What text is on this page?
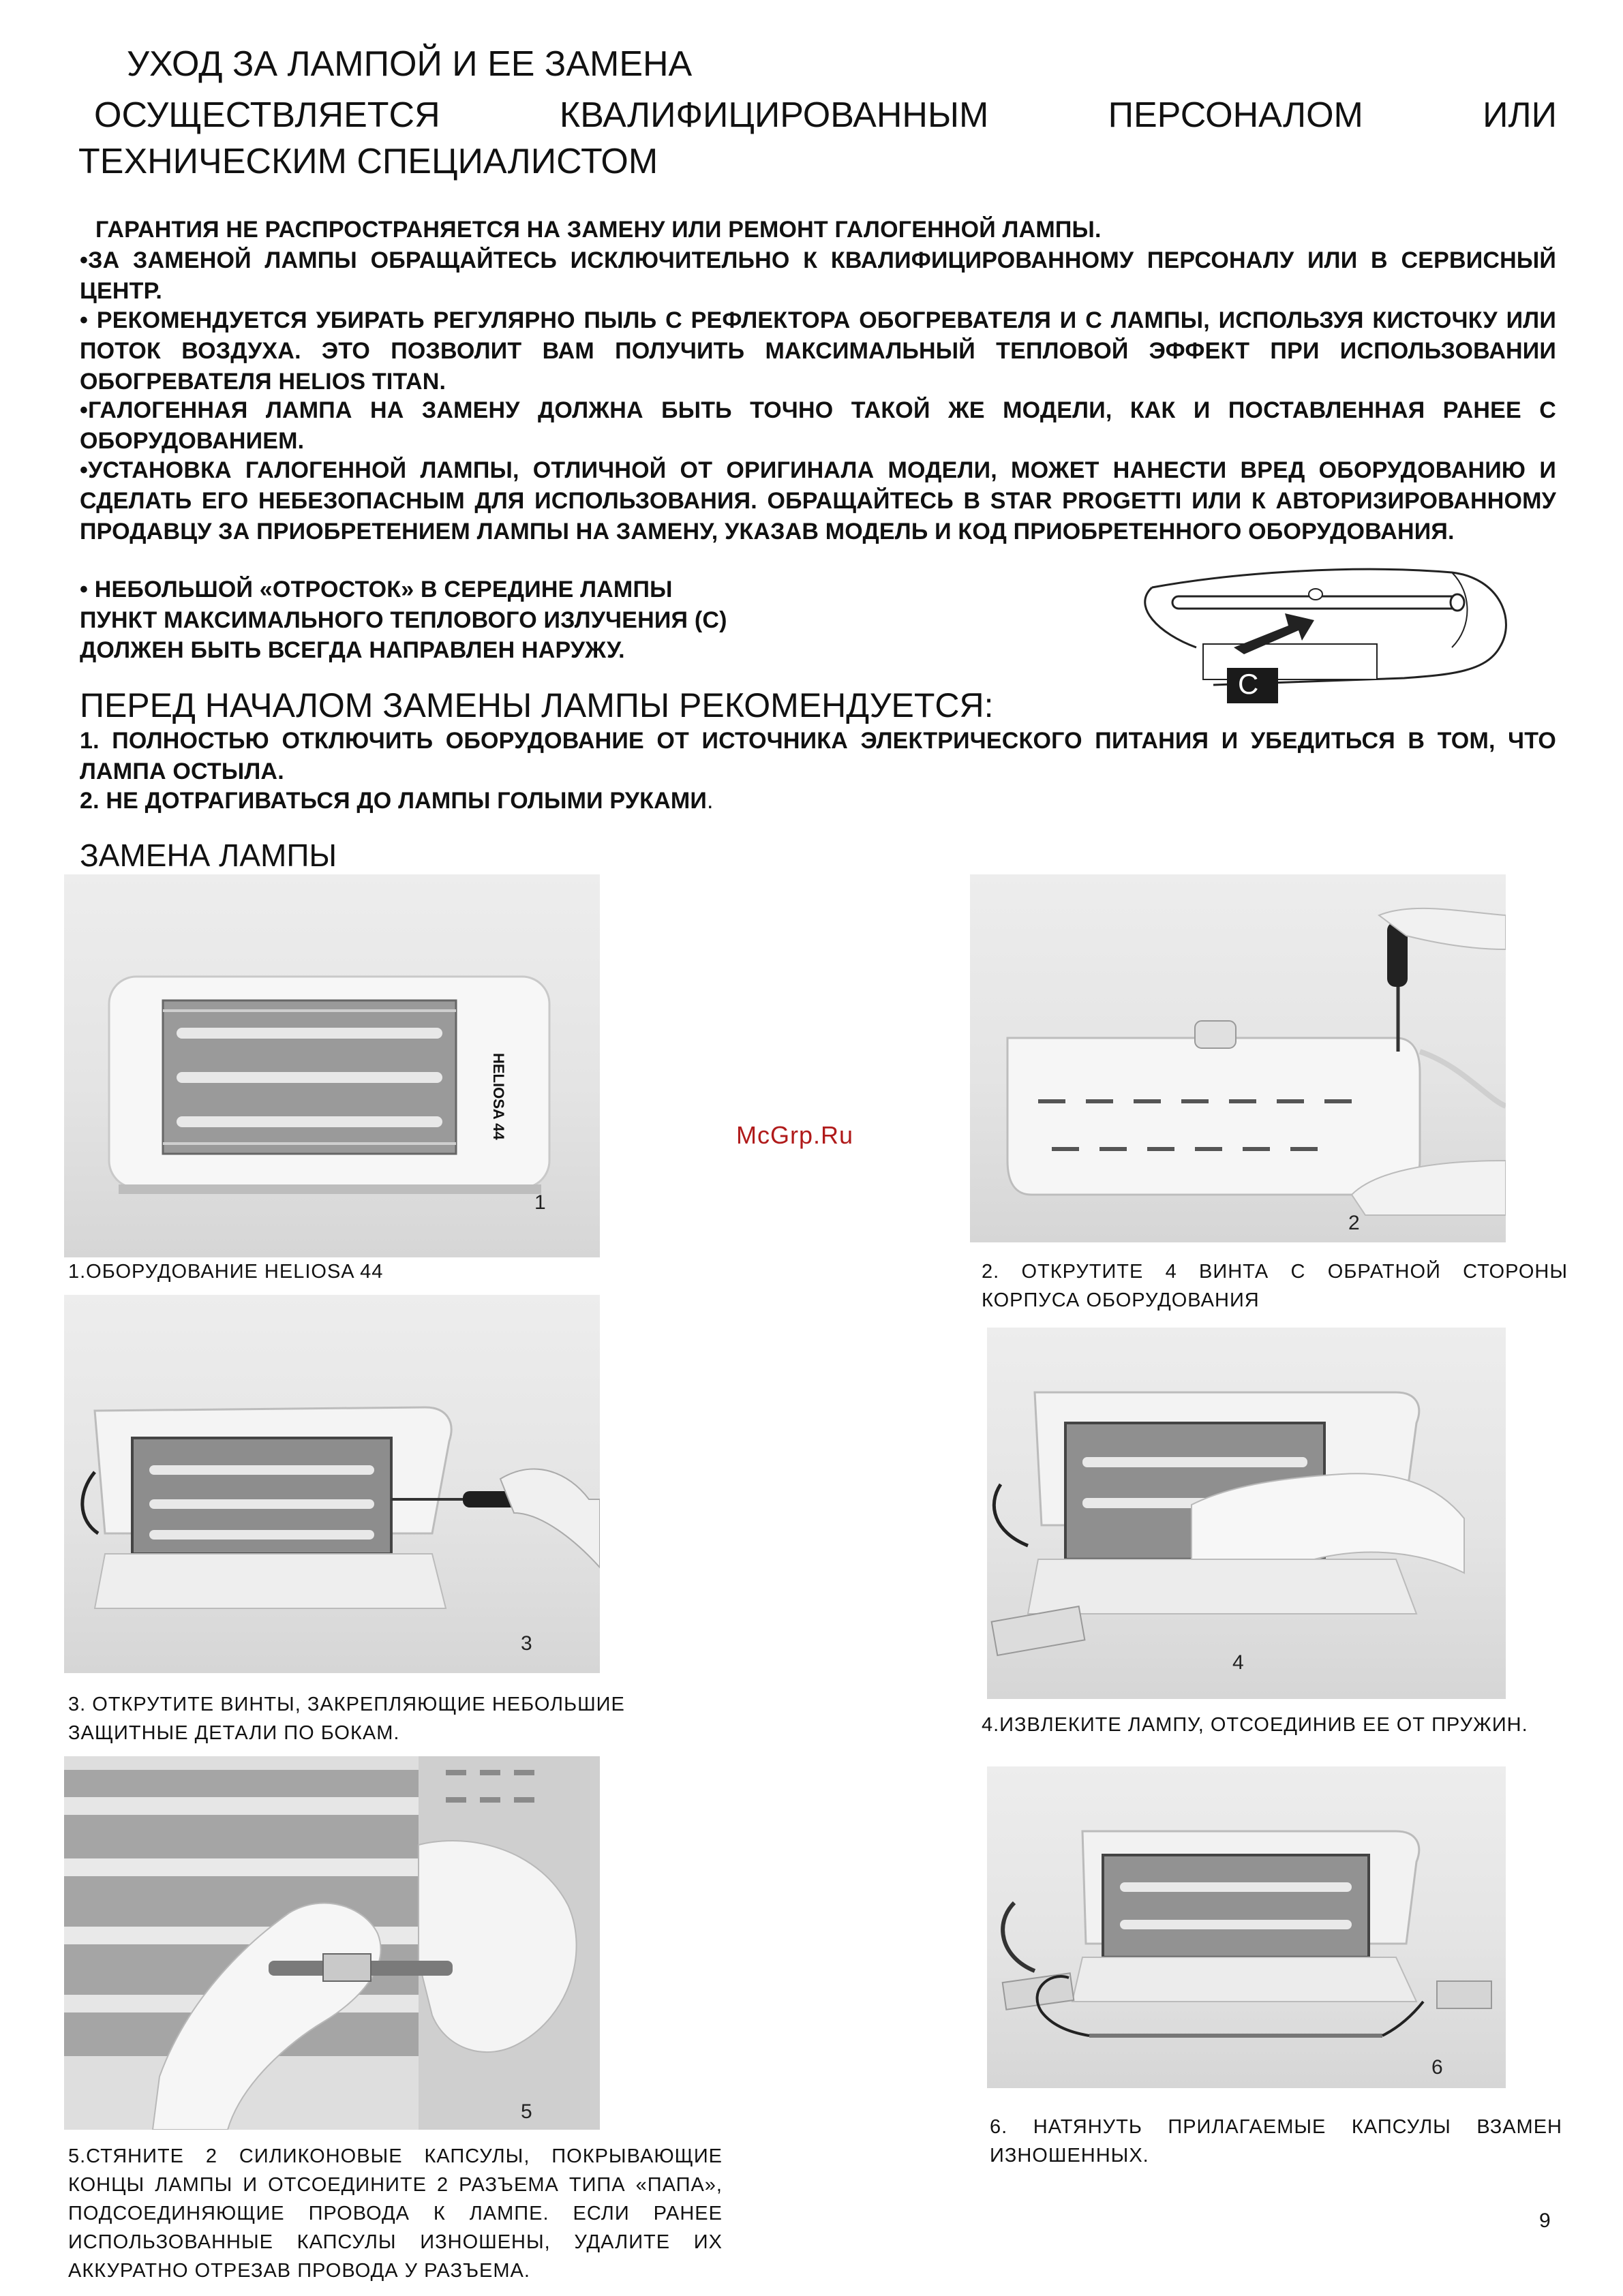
УХОД ЗА ЛАМПОЙ И ЕЕ ЗАМЕНА
ОСУЩЕСТВЛЯЕТСЯ	КВАЛИФИЦИРОВАННЫМ	ПЕРСОНАЛОМ	ИЛИ
ТЕХНИЧЕСКИМ СПЕЦИАЛИСТОМ
ГАРАНТИЯ НЕ РАСПРОСТРАНЯЕТСЯ НА ЗАМЕНУ ИЛИ РЕМОНТ ГАЛОГЕННОЙ ЛАМПЫ.
•ЗА ЗАМЕНОЙ ЛАМПЫ ОБРАЩАЙТЕСЬ ИСКЛЮЧИТЕЛЬНО К КВАЛИФИЦИРОВАННОМУ ПЕРСОНАЛУ ИЛИ В СЕРВИСНЫЙ ЦЕНТР.
• РЕКОМЕНДУЕТСЯ УБИРАТЬ РЕГУЛЯРНО ПЫЛЬ С РЕФЛЕКТОРА ОБОГРЕВАТЕЛЯ И С ЛАМПЫ, ИСПОЛЬЗУЯ КИСТОЧКУ ИЛИ ПОТОК ВОЗДУХА. ЭТО ПОЗВОЛИТ ВАМ ПОЛУЧИТЬ МАКСИМАЛЬНЫЙ ТЕПЛОВОЙ ЭФФЕКТ ПРИ ИСПОЛЬЗОВАНИИ ОБОГРЕВАТЕЛЯ HELIOS TITAN.
•ГАЛОГЕННАЯ ЛАМПА НА ЗАМЕНУ ДОЛЖНА БЫТЬ ТОЧНО ТАКОЙ ЖЕ МОДЕЛИ, КАК И ПОСТАВЛЕННАЯ РАНЕЕ С ОБОРУДОВАНИЕМ.
•УСТАНОВКА ГАЛОГЕННОЙ ЛАМПЫ, ОТЛИЧНОЙ ОТ ОРИГИНАЛА МОДЕЛИ, МОЖЕТ НАНЕСТИ ВРЕД ОБОРУДОВАНИЮ И СДЕЛАТЬ ЕГО НЕБЕЗОПАСНЫМ ДЛЯ ИСПОЛЬЗОВАНИЯ. ОБРАЩАЙТЕСЬ В STAR PROGETTI ИЛИ К АВТОРИЗИРОВАННОМУ ПРОДАВЦУ ЗА ПРИОБРЕТЕНИЕМ ЛАМПЫ НА ЗАМЕНУ, УКАЗАВ МОДЕЛЬ И КОД ПРИОБРЕТЕННОГО ОБОРУДОВАНИЯ.
• НЕБОЛЬШОЙ «ОТРОСТОК» В СЕРЕДИНЕ ЛАМПЫ
ПУНКТ МАКСИМАЛЬНОГО ТЕПЛОВОГО ИЗЛУЧЕНИЯ (С)
ДОЛЖЕН БЫТЬ ВСЕГДА НАПРАВЛЕН НАРУЖУ.
C
ПЕРЕД НАЧАЛОМ ЗАМЕНЫ ЛАМПЫ РЕКОМЕНДУЕТСЯ:
1. ПОЛНОСТЬЮ ОТКЛЮЧИТЬ ОБОРУДОВАНИЕ ОТ ИСТОЧНИКА ЭЛЕКТРИЧЕСКОГО ПИТАНИЯ И УБЕДИТЬСЯ В ТОМ, ЧТО ЛАМПА ОСТЫЛА.
2. НЕ ДОТРАГИВАТЬСЯ ДО ЛАМПЫ ГОЛЫМИ РУКАМИ.
ЗАМЕНА ЛАМПЫ
HELIOSA 44
1
1.ОБОРУДОВАНИЕ HELIOSA 44
McGrp.Ru
2
2. ОТКРУТИТЕ 4 ВИНТА С ОБРАТНОЙ СТОРОНЫ КОРПУСА ОБОРУДОВАНИЯ
3
3. ОТКРУТИТЕ ВИНТЫ, ЗАКРЕПЛЯЮЩИЕ НЕБОЛЬШИЕ ЗАЩИТНЫЕ ДЕТАЛИ ПО БОКАМ.
4
4.ИЗВЛЕКИТЕ ЛАМПУ, ОТСОЕДИНИВ ЕЕ ОТ ПРУЖИН.
5
5.СТЯНИТЕ 2 СИЛИКОНОВЫЕ КАПСУЛЫ, ПОКРЫВАЮЩИЕ КОНЦЫ ЛАМПЫ И ОТСОЕДИНИТЕ 2 РАЗЪЕМА ТИПА «ПАПА», ПОДСОЕДИНЯЮЩИЕ ПРОВОДА К ЛАМПЕ. ЕСЛИ РАНЕЕ ИСПОЛЬЗОВАННЫЕ КАПСУЛЫ ИЗНОШЕНЫ, УДАЛИТЕ ИХ АККУРАТНО ОТРЕЗАВ ПРОВОДА У РАЗЪЕМА.
6
6. НАТЯНУТЬ ПРИЛАГАЕМЫЕ КАПСУЛЫ ВЗАМЕН ИЗНОШЕННЫХ.
9
